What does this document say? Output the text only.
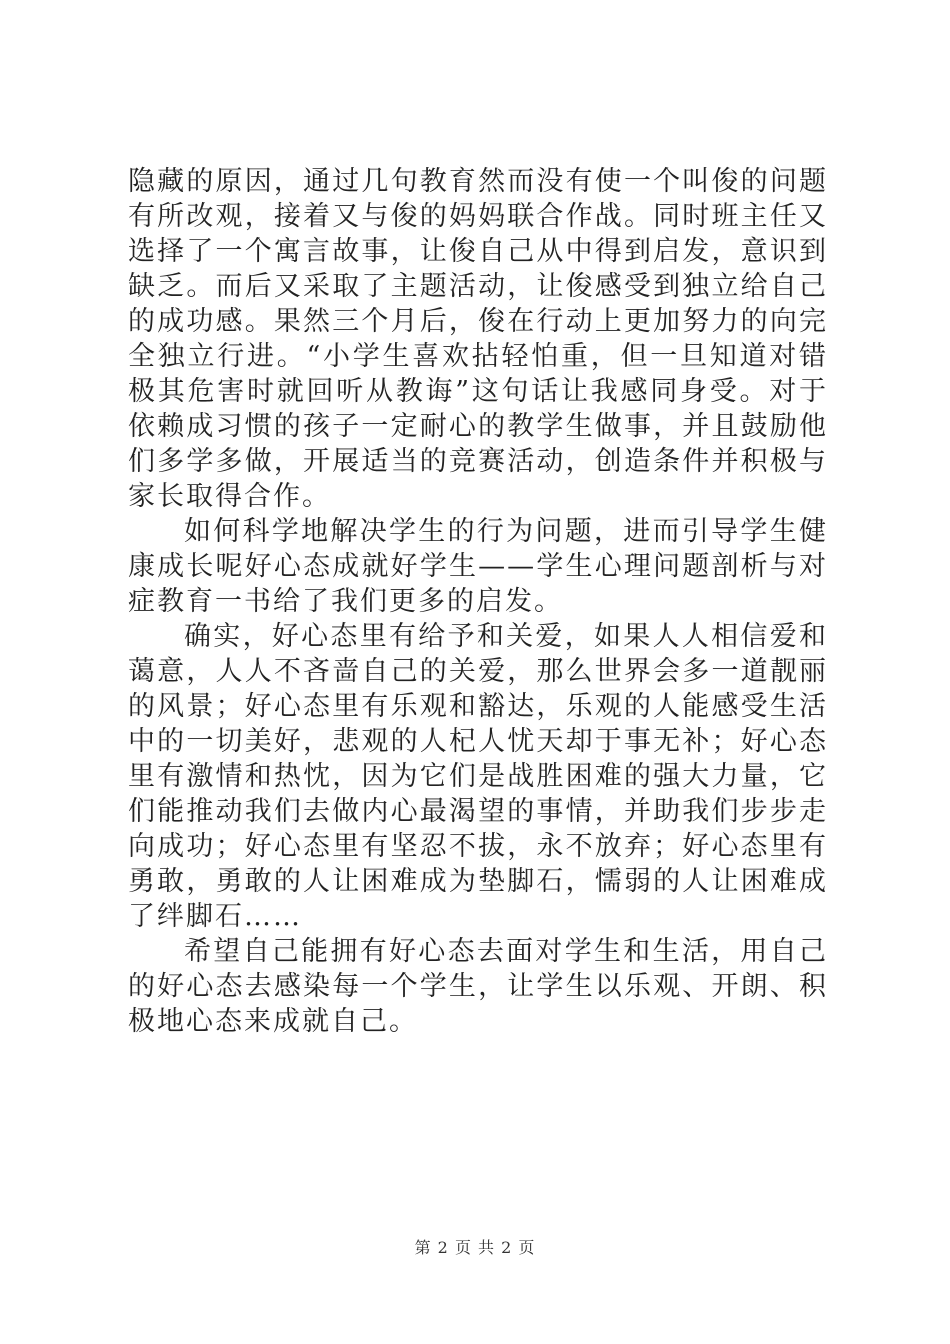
隐藏的原因，通过几句教育然而没有使一个叫俊的问题有所改观，接着又与俊的妈妈联合作战。同时班主任又选择了一个寓言故事，让俊自己从中得到启发，意识到缺乏。而后又采取了主题活动，让俊感受到独立给自己的成功感。果然三个月后，俊在行动上更加努力的向完全独立行进。“小学生喜欢拈轻怕重，但一旦知道对错极其危害时就回听从教诲”这句话让我感同身受。对于依赖成习惯的孩子一定耐心的教学生做事，并且鼓励他们多学多做，开展适当的竞赛活动，创造条件并积极与家长取得合作。

如何科学地解决学生的行为问题，进而引导学生健康成长呢好心态成就好学生——学生心理问题剖析与对症教育一书给了我们更多的启发。

确实，好心态里有给予和关爱，如果人人相信爱和蔼意，人人不吝啬自己的关爱，那么世界会多一道靓丽的风景；好心态里有乐观和豁达，乐观的人能感受生活中的一切美好，悲观的人杞人忧天却于事无补；好心态里有激情和热忱，因为它们是战胜困难的强大力量，它们能推动我们去做内心最渴望的事情，并助我们步步走向成功；好心态里有坚忍不拔，永不放弃；好心态里有勇敢，勇敢的人让困难成为垫脚石，懦弱的人让困难成了绊脚石……

希望自己能拥有好心态去面对学生和生活，用自己的好心态去感染每一个学生，让学生以乐观、开朗、积极地心态来成就自己。

第 2 页 共 2 页
